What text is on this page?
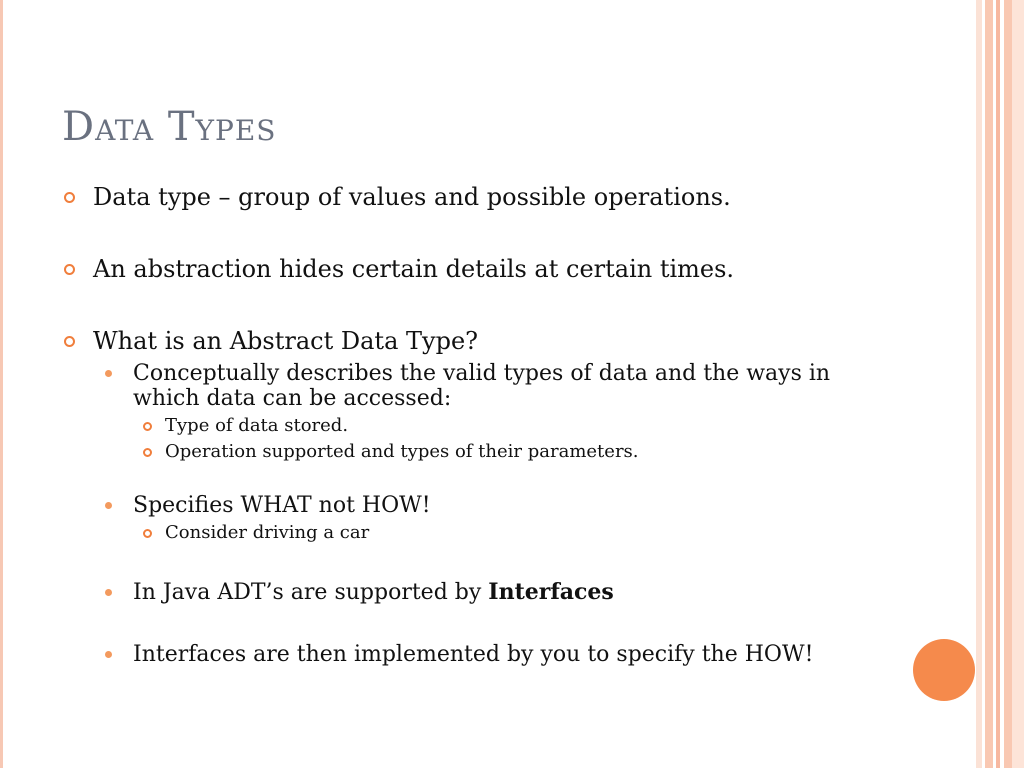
Data Types
Data type – group of values and possible operations.
An abstraction hides certain details at certain times.
What is an Abstract Data Type?
Conceptually describes the valid types of data and the ways in which data can be accessed:
Type of data stored.
Operation supported and types of their parameters.
Specifies WHAT not HOW!
Consider driving a car
In Java ADT’s are supported by Interfaces
Interfaces are then implemented by you to specify the HOW!
